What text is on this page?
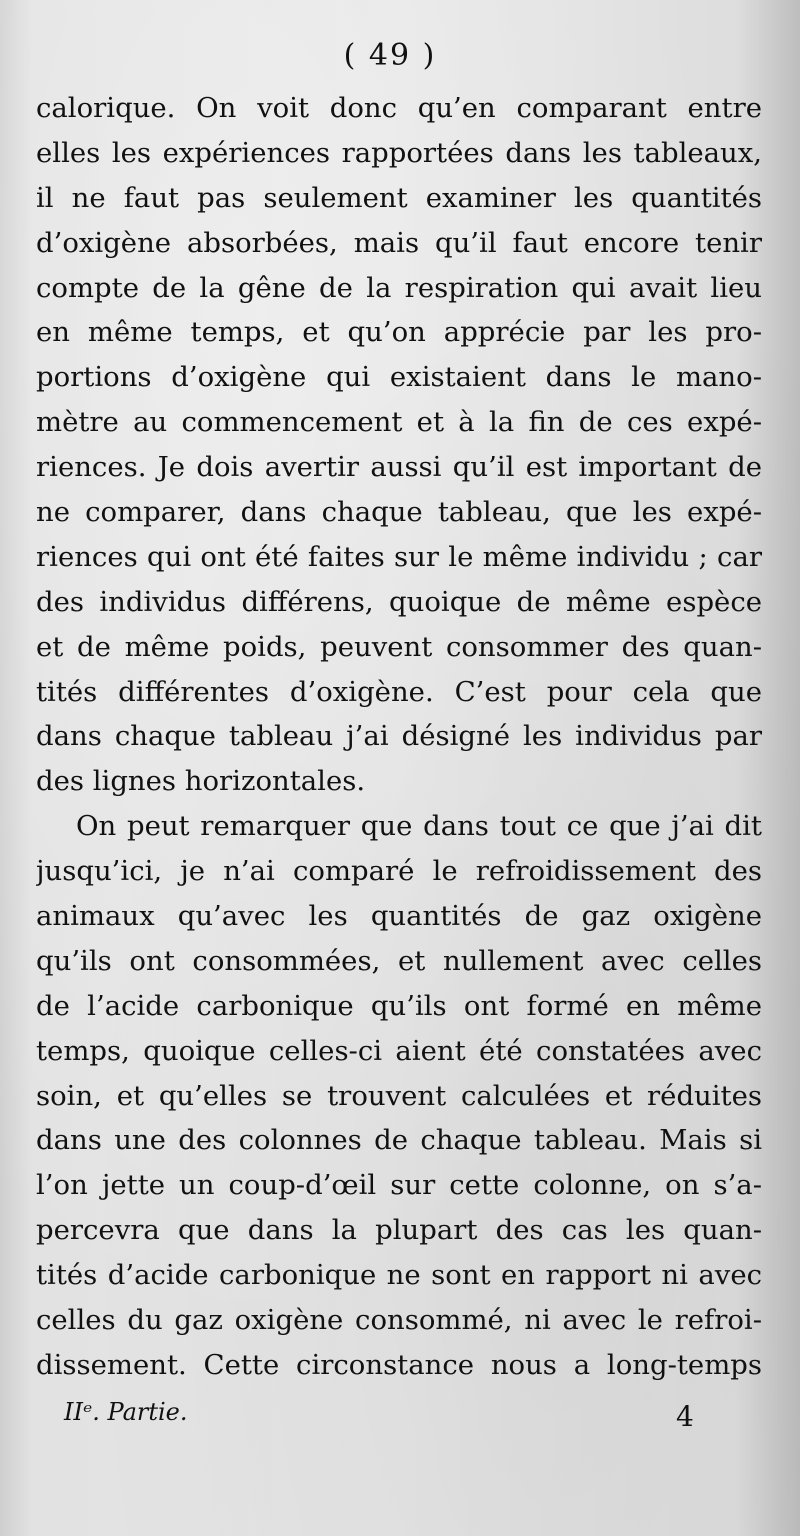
( 49 )
calorique. On voit donc qu’en comparant entre
elles les expériences rapportées dans les tableaux,
il ne faut pas seulement examiner les quantités
d’oxigène absorbées, mais qu’il faut encore tenir
compte de la gêne de la respiration qui avait lieu
en même temps, et qu’on apprécie par les pro-
portions d’oxigène qui existaient dans le mano-
mètre au commencement et à la fin de ces expé-
riences. Je dois avertir aussi qu’il est important de
ne comparer, dans chaque tableau, que les expé-
riences qui ont été faites sur le même individu ; car
des individus différens, quoique de même espèce
et de même poids, peuvent consommer des quan-
tités différentes d’oxigène. C’est pour cela que
dans chaque tableau j’ai désigné les individus par
des lignes horizontales.
On peut remarquer que dans tout ce que j’ai dit
jusqu’ici, je n’ai comparé le refroidissement des
animaux qu’avec les quantités de gaz oxigène
qu’ils ont consommées, et nullement avec celles
de l’acide carbonique qu’ils ont formé en même
temps, quoique celles-ci aient été constatées avec
soin, et qu’elles se trouvent calculées et réduites
dans une des colonnes de chaque tableau. Mais si
l’on jette un coup-d’œil sur cette colonne, on s’a-
percevra que dans la plupart des cas les quan-
tités d’acide carbonique ne sont en rapport ni avec
celles du gaz oxigène consommé, ni avec le refroi-
dissement. Cette circonstance nous a long-temps
IIᵉ. Partie.	4
